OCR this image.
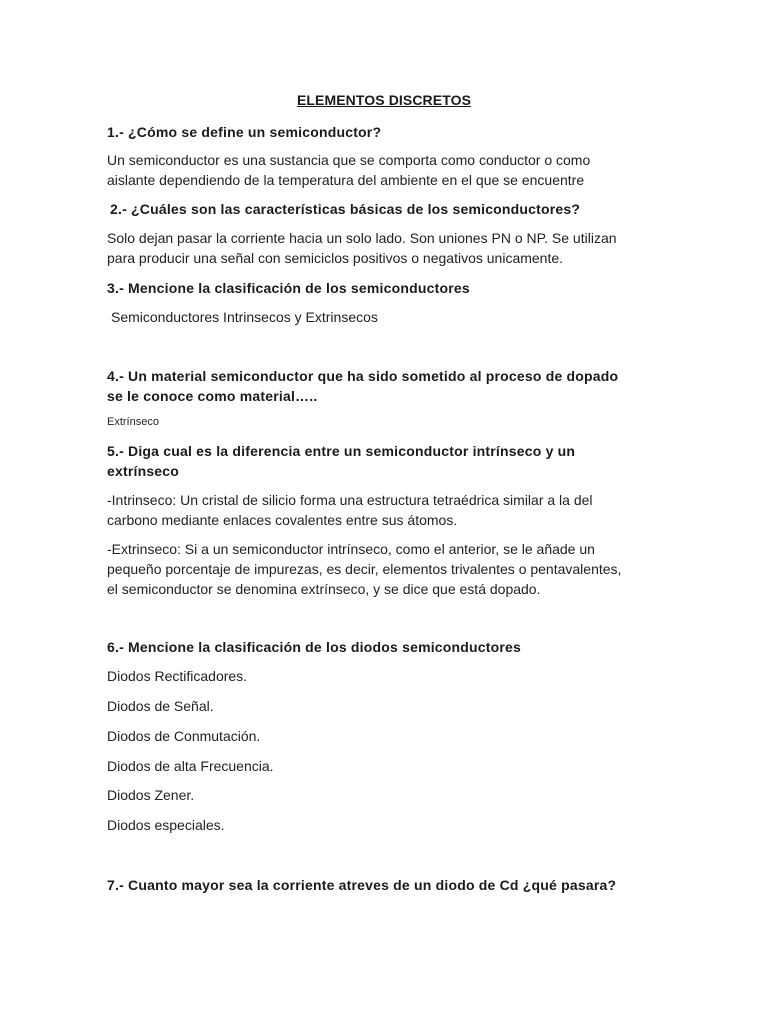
ELEMENTOS DISCRETOS
1.- ¿Cómo se define un semiconductor?
Un semiconductor es una sustancia que se comporta como conductor o como
aislante dependiendo de la temperatura del ambiente en el que se encuentre
2.- ¿Cuáles son las características básicas de los semiconductores?
Solo dejan pasar la corriente hacia un solo lado. Son uniones PN o NP. Se utilizan
para producir una señal con semiciclos positivos o negativos unicamente.
3.- Mencione la clasificación de los semiconductores
Semiconductores Intrinsecos y Extrinsecos
4.- Un material semiconductor que ha sido sometido al proceso de dopado
se le conoce como material…..
Extrínseco
5.- Diga cual es la diferencia entre un semiconductor intrínseco y un
extrínseco
-Intrinseco: Un cristal de silicio forma una estructura tetraédrica similar a la del
carbono mediante enlaces covalentes entre sus átomos.
-Extrinseco: Si a un semiconductor intrínseco, como el anterior, se le añade un
pequeño porcentaje de impurezas, es decir, elementos trivalentes o pentavalentes,
el semiconductor se denomina extrínseco, y se dice que está dopado.
6.- Mencione la clasificación de los diodos semiconductores
Diodos Rectificadores.
Diodos de Señal.
Diodos de Conmutación.
Diodos de alta Frecuencia.
Diodos Zener.
Diodos especiales.
7.- Cuanto mayor sea la corriente atreves de un diodo de Cd ¿qué pasara?
